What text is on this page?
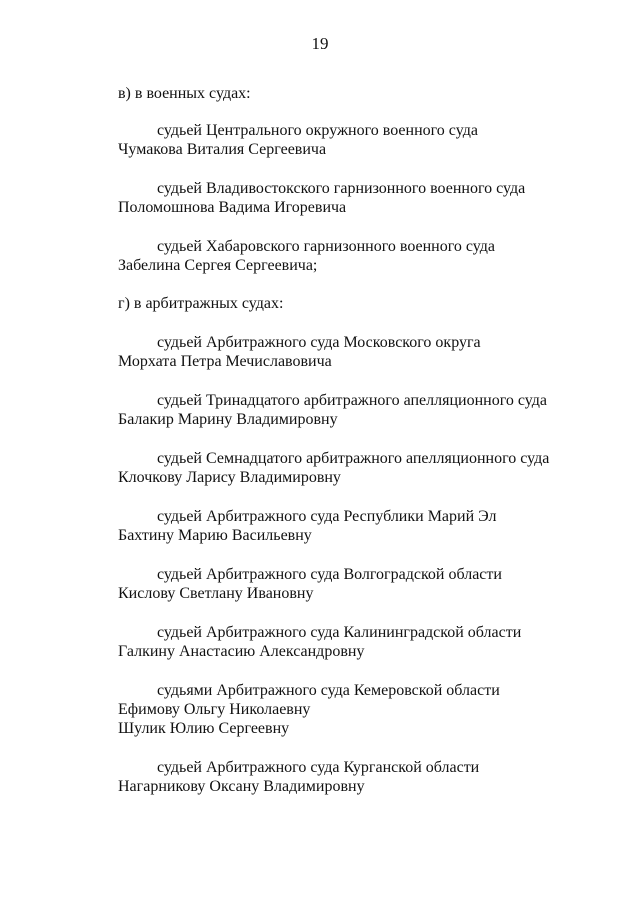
19
в) в военных судах:
судьей Центрального окружного военного суда
Чумакова Виталия Сергеевича
судьей Владивостокского гарнизонного военного суда
Поломошнова Вадима Игоревича
судьей Хабаровского гарнизонного военного суда
Забелина Сергея Сергеевича;
г) в арбитражных судах:
судьей Арбитражного суда Московского округа
Морхата Петра Мечиславовича
судьей Тринадцатого арбитражного апелляционного суда
Балакир Марину Владимировну
судьей Семнадцатого арбитражного апелляционного суда
Клочкову Ларису Владимировну
судьей Арбитражного суда Республики Марий Эл
Бахтину Марию Васильевну
судьей Арбитражного суда Волгоградской области
Кислову Светлану Ивановну
судьей Арбитражного суда Калининградской области
Галкину Анастасию Александровну
судьями Арбитражного суда Кемеровской области
Ефимову Ольгу Николаевну
Шулик Юлию Сергеевну
судьей Арбитражного суда Курганской области
Нагарникову Оксану Владимировну
